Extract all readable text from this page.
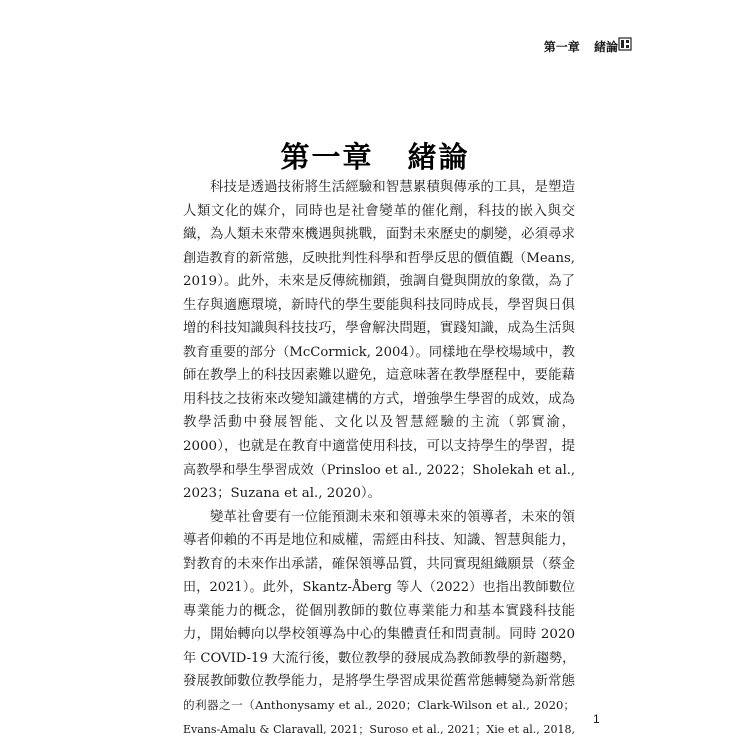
第一章 緒論
第一章 緒論

科技是透過技術將生活經驗和智慧累積與傳承的工具，是塑造
人類文化的媒介，同時也是社會變革的催化劑，科技的嵌入與交
織，為人類未來帶來機遇與挑戰，面對未來歷史的劇變，必須尋求
創造教育的新常態，反映批判性科學和哲學反思的價值觀（Means,
2019）。此外，未來是反傳統枷鎖，強調自覺與開放的象徵，為了
生存與適應環境，新時代的學生要能與科技同時成長，學習與日俱
增的科技知識與科技技巧，學會解決問題，實踐知識，成為生活與
教育重要的部分（McCormick, 2004）。同樣地在學校場域中，教
師在教學上的科技因素難以避免，這意味著在教學歷程中，要能藉
用科技之技術來改變知識建構的方式，增強學生學習的成效，成為
教學活動中發展智能、文化以及智慧經驗的主流（郭實渝，
2000），也就是在教育中適當使用科技，可以支持學生的學習，提
高教學和學生學習成效（Prinsloo et al., 2022；Sholekah et al.,
2023；Suzana et al., 2020）。

變革社會要有一位能預測未來和領導未來的領導者，未來的領
導者仰賴的不再是地位和威權，需經由科技、知識、智慧與能力，
對教育的未來作出承諾，確保領導品質，共同實現組織願景（蔡金
田，2021）。此外，Skantz-Åberg 等人（2022）也指出教師數位
專業能力的概念，從個別教師的數位專業能力和基本實踐科技能
力，開始轉向以學校領導為中心的集體責任和問責制。同時 2020
年 COVID-19 大流行後，數位教學的發展成為教師教學的新趨勢，
發展教師數位教學能力，是將學生學習成果從舊常態轉變為新常態
的利器之一（Anthonysamy et al., 2020；Clark-Wilson et al., 2020；
Evans-Amalu & Claravall, 2021；Suroso et al., 2021；Xie et al., 2018,

1
